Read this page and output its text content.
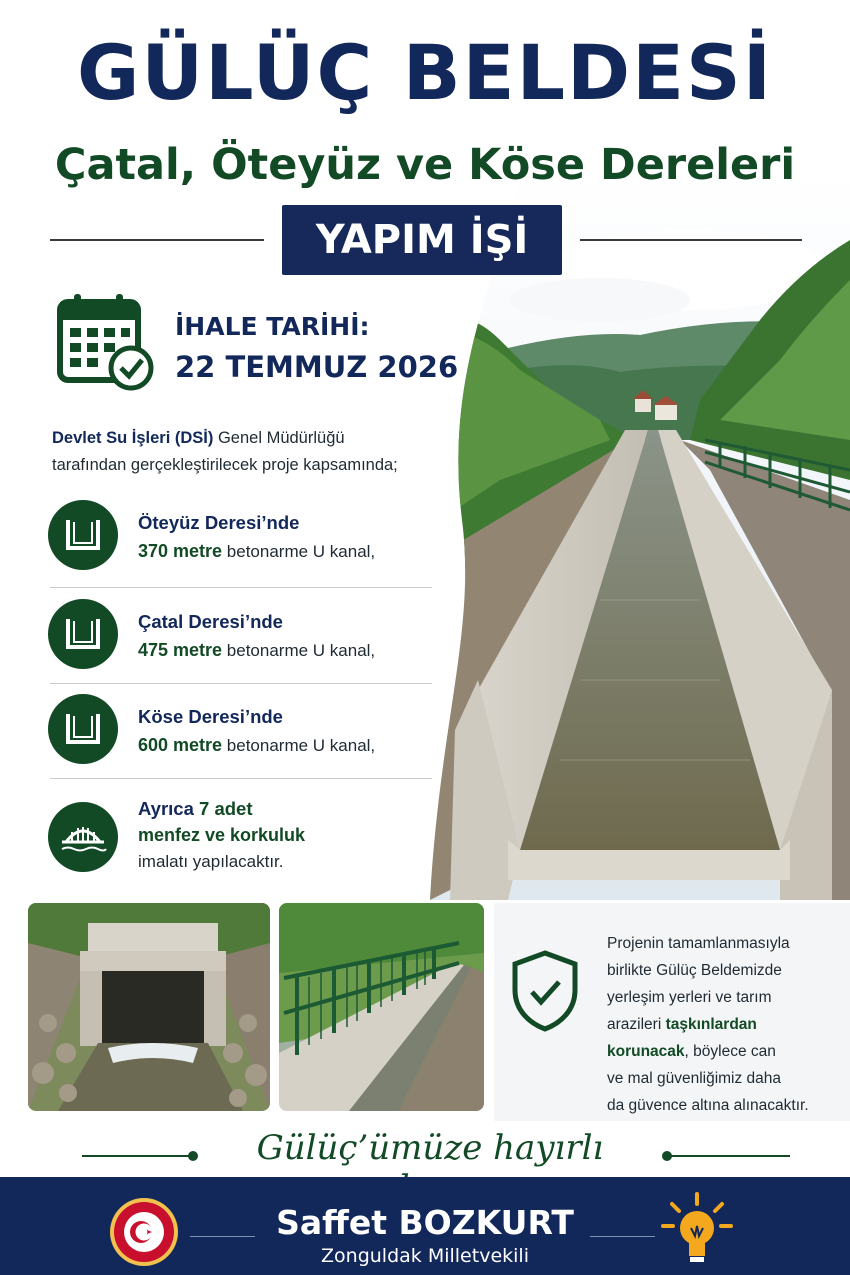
GÜLÜÇ BELDESİ
Çatal, Öteyüz ve Köse Dereleri
YAPIM İŞİ
İHALE TARİHİ:
22 TEMMUZ 2026
Devlet Su İşleri (DSİ) Genel Müdürlüğü
tarafından gerçekleştirilecek proje kapsamında;
Öteyüz Deresi’nde
370 metre betonarme U kanal,
Çatal Deresi’nde
475 metre betonarme U kanal,
Köse Deresi’nde
600 metre betonarme U kanal,
Ayrıca 7 adet
menfez ve korkuluk
imalatı yapılacaktır.
Projenin tamamlanmasıyla
birlikte Gülüç Beldemizde
yerleşim yerleri ve tarım
arazileri taşkınlardan
korunacak, böylece can
ve mal güvenliğimiz daha
da güvence altına alınacaktır.
Gülüç’ümüze hayırlı
Saffet BOZKURT
Zonguldak Milletvekili
